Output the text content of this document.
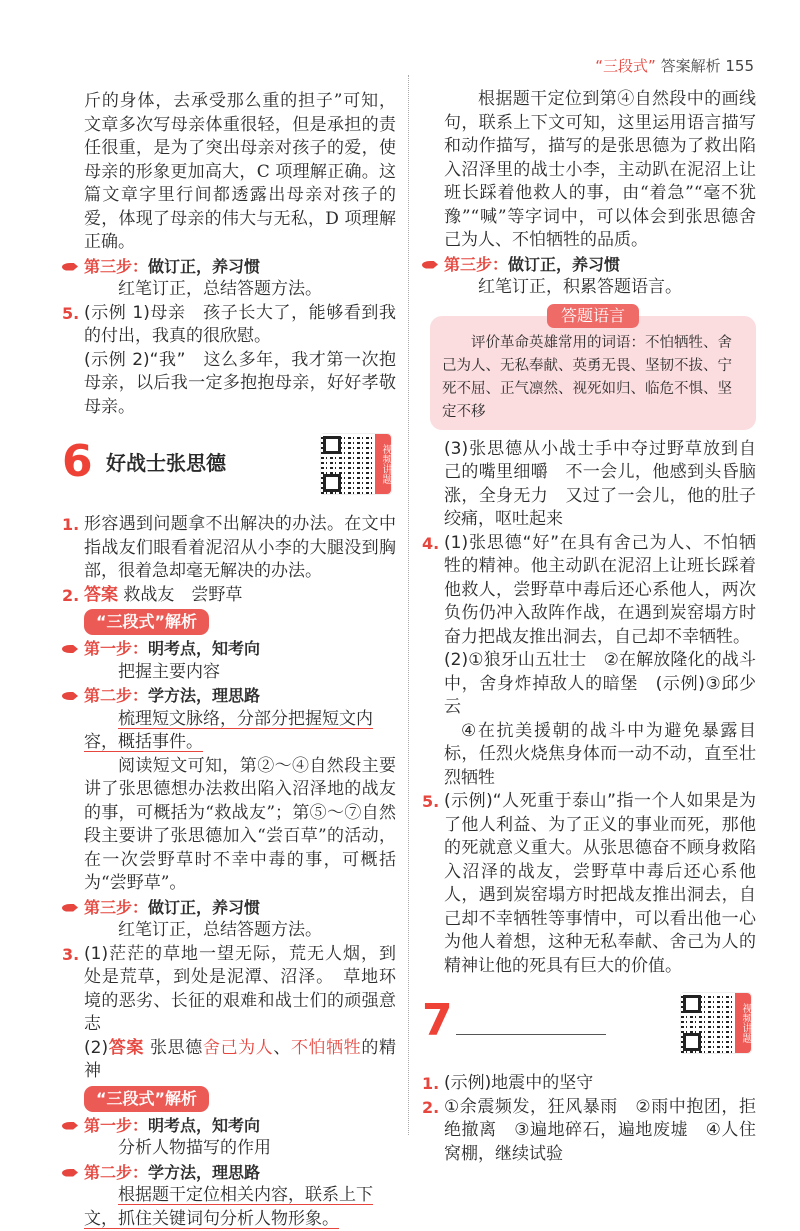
“三段式” 答案解析 155
斤的身体，去承受那么重的担子”可知，文章多次写母亲体重很轻，但是承担的责任很重，是为了突出母亲对孩子的爱，使母亲的形象更加高大，C 项理解正确。这篇文章字里行间都透露出母亲对孩子的爱，体现了母亲的伟大与无私，D 项理解正确。
第三步：做订正，养习惯
红笔订正，总结答题方法。
5. (示例 1)母亲　孩子长大了，能够看到我的付出，我真的很欣慰。
(示例 2)“我”　这么多年，我才第一次抱母亲，以后我一定多抱抱母亲，好好孝敬母亲。
6 好战士张思德	视频讲题
1. 形容遇到问题拿不出解决的办法。在文中指战友们眼看着泥沼从小李的大腿没到胸部，很着急却毫无解决的办法。
2. 答案 救战友　尝野草
“三段式”解析
第一步：明考点，知考向
把握主要内容
第二步：学方法，理思路
梳理短文脉络，分部分把握短文内容，概括事件。
阅读短文可知，第②～④自然段主要讲了张思德想办法救出陷入沼泽地的战友的事，可概括为“救战友”；第⑤～⑦自然段主要讲了张思德加入“尝百草”的活动，在一次尝野草时不幸中毒的事，可概括为“尝野草”。
第三步：做订正，养习惯
红笔订正，总结答题方法。
3. (1)茫茫的草地一望无际，荒无人烟，到处是荒草，到处是泥潭、沼泽。　草地环境的恶劣、长征的艰难和战士们的顽强意志
(2)答案 张思德舍己为人、不怕牺牲的精神
“三段式”解析
第一步：明考点，知考向
分析人物描写的作用
第二步：学方法，理思路
根据题干定位相关内容，联系上下文，抓住关键词句分析人物形象。
根据题干定位到第④自然段中的画线句，联系上下文可知，这里运用语言描写和动作描写，描写的是张思德为了救出陷入沼泽里的战士小李，主动趴在泥沼上让班长踩着他救人的事，由“着急”“毫不犹豫”“喊”等字词中，可以体会到张思德舍己为人、不怕牺牲的品质。
第三步：做订正，养习惯
红笔订正，积累答题语言。
答题语言
评价革命英雄常用的词语：不怕牺牲、舍己为人、无私奉献、英勇无畏、坚韧不拔、宁死不屈、正气凛然、视死如归、临危不惧、坚定不移
(3)张思德从小战士手中夺过野草放到自己的嘴里细嚼　不一会儿，他感到头昏脑涨，全身无力　又过了一会儿，他的肚子绞痛，呕吐起来
4. (1)张思德“好”在具有舍己为人、不怕牺牲的精神。他主动趴在泥沼上让班长踩着他救人，尝野草中毒后还心系他人，两次负伤仍冲入敌阵作战，在遇到炭窑塌方时奋力把战友推出洞去，自己却不幸牺牲。
(2)①狼牙山五壮士　②在解放隆化的战斗中，舍身炸掉敌人的暗堡　(示例)③邱少云
④在抗美援朝的战斗中为避免暴露目标，任烈火烧焦身体而一动不动，直至壮烈牺牲
5. (示例)“人死重于泰山”指一个人如果是为了他人利益、为了正义的事业而死，那他的死就意义重大。从张思德奋不顾身救陷入沼泽的战友，尝野草中毒后还心系他人，遇到炭窑塌方时把战友推出洞去，自己却不幸牺牲等事情中，可以看出他一心为他人着想，这种无私奉献、舍己为人的精神让他的死具有巨大的价值。
7	视频讲题
1. (示例)地震中的坚守
2. ①余震频发，狂风暴雨　②雨中抱团，拒绝撤离　③遍地碎石，遍地废墟　④人住窝棚，继续试验
